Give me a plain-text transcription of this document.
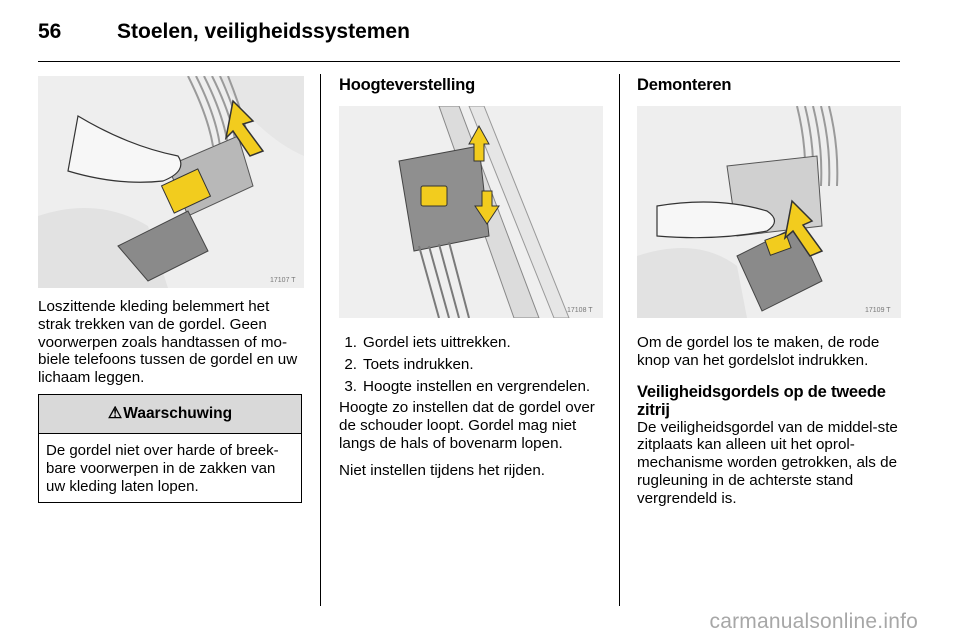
56	Stoelen, veiligheidssystemen
17107 T

Loszittende kleding belemmert het strak trekken van de gordel. Geen voorwerpen zoals handtassen of mo-biele telefoons tussen de gordel en uw lichaam leggen.

⚠Waarschuwing
De gordel niet over harde of breek-bare voorwerpen in de zakken van uw kleding laten lopen.
Hoogteverstelling
17108 T
1. Gordel iets uittrekken.
2. Toets indrukken.
3. Hoogte instellen en vergrendelen.

Hoogte zo instellen dat de gordel over de schouder loopt. Gordel mag niet langs de hals of bovenarm lopen.

Niet instellen tijdens het rijden.

Demonteren
17109 T

Om de gordel los te maken, de rode knop van het gordelslot indrukken.

Veiligheidsgordels op de tweede zitrij

De veiligheidsgordel van de middel-ste zitplaats kan alleen uit het oprol-mechanisme worden getrokken, als de rugleuning in de achterste stand vergrendeld is.

carmanualsonline.info
